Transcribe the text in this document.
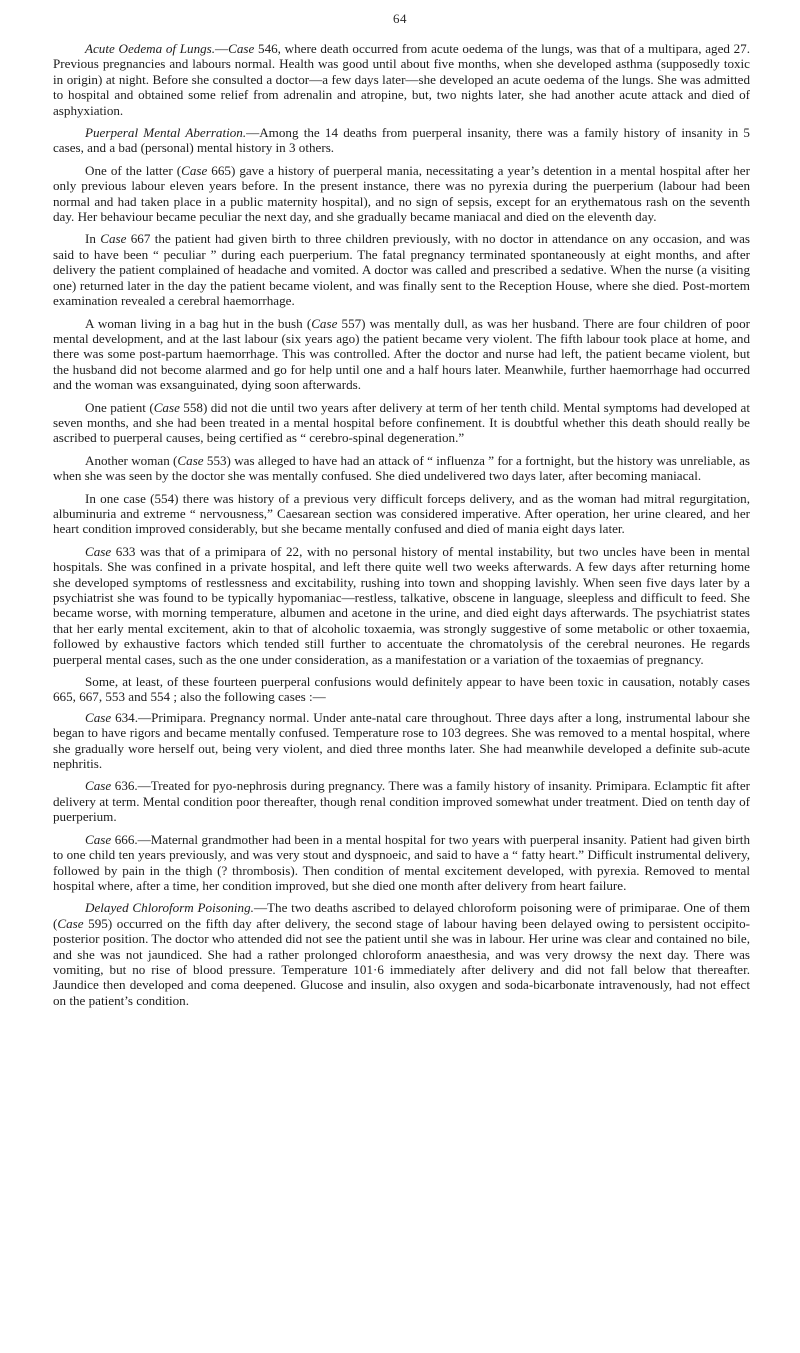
64

Acute Oedema of Lungs.—Case 546, where death occurred from acute oedema of the lungs, was that of a multipara, aged 27. Previous pregnancies and labours normal. Health was good until about five months, when she developed asthma (supposedly toxic in origin) at night. Before she consulted a doctor—a few days later—she developed an acute oedema of the lungs. She was admitted to hospital and obtained some relief from adrenalin and atropine, but, two nights later, she had another acute attack and died of asphyxiation.

Puerperal Mental Aberration.—Among the 14 deaths from puerperal insanity, there was a family history of insanity in 5 cases, and a bad (personal) mental history in 3 others.

One of the latter (Case 665) gave a history of puerperal mania, necessitating a year’s detention in a mental hospital after her only previous labour eleven years before. In the present instance, there was no pyrexia during the puerperium (labour had been normal and had taken place in a public maternity hospital), and no sign of sepsis, except for an erythematous rash on the seventh day. Her behaviour became peculiar the next day, and she gradually became maniacal and died on the eleventh day.

In Case 667 the patient had given birth to three children previously, with no doctor in attendance on any occasion, and was said to have been “ peculiar ” during each puerperium. The fatal pregnancy terminated spontaneously at eight months, and after delivery the patient complained of headache and vomited. A doctor was called and prescribed a sedative. When the nurse (a visiting one) returned later in the day the patient became violent, and was finally sent to the Reception House, where she died. Post-mortem examination revealed a cerebral haemorrhage.

A woman living in a bag hut in the bush (Case 557) was mentally dull, as was her husband. There are four children of poor mental development, and at the last labour (six years ago) the patient became very violent. The fifth labour took place at home, and there was some post-partum haemorrhage. This was controlled. After the doctor and nurse had left, the patient became violent, but the husband did not become alarmed and go for help until one and a half hours later. Meanwhile, further haemorrhage had occurred and the woman was exsanguinated, dying soon afterwards.

One patient (Case 558) did not die until two years after delivery at term of her tenth child. Mental symptoms had developed at seven months, and she had been treated in a mental hospital before confinement. It is doubtful whether this death should really be ascribed to puerperal causes, being certified as “ cerebro-spinal degeneration.”

Another woman (Case 553) was alleged to have had an attack of “ influenza ” for a fortnight, but the history was unreliable, as when she was seen by the doctor she was mentally confused. She died undelivered two days later, after becoming maniacal.

In one case (554) there was history of a previous very difficult forceps delivery, and as the woman had mitral regurgitation, albuminuria and extreme “ nervousness,” Caesarean section was considered imperative. After operation, her urine cleared, and her heart condition improved considerably, but she became mentally confused and died of mania eight days later.

Case 633 was that of a primipara of 22, with no personal history of mental instability, but two uncles have been in mental hospitals. She was confined in a private hospital, and left there quite well two weeks afterwards. A few days after returning home she developed symptoms of restlessness and excitability, rushing into town and shopping lavishly. When seen five days later by a psychiatrist she was found to be typically hypomaniac—restless, talkative, obscene in language, sleepless and difficult to feed. She became worse, with morning temperature, albumen and acetone in the urine, and died eight days afterwards. The psychiatrist states that her early mental excitement, akin to that of alcoholic toxaemia, was strongly suggestive of some metabolic or other toxaemia, followed by exhaustive factors which tended still further to accentuate the chromatolysis of the cerebral neurones. He regards puerperal mental cases, such as the one under consideration, as a manifestation or a variation of the toxaemias of pregnancy.

Some, at least, of these fourteen puerperal confusions would definitely appear to have been toxic in causation, notably cases 665, 667, 553 and 554 ; also the following cases :—

Case 634.—Primipara. Pregnancy normal. Under ante-natal care throughout. Three days after a long, instrumental labour she began to have rigors and became mentally confused. Temperature rose to 103 degrees. She was removed to a mental hospital, where she gradually wore herself out, being very violent, and died three months later. She had meanwhile developed a definite sub-acute nephritis.

Case 636.—Treated for pyo-nephrosis during pregnancy. There was a family history of insanity. Primipara. Eclamptic fit after delivery at term. Mental condition poor thereafter, though renal condition improved somewhat under treatment. Died on tenth day of puerperium.

Case 666.—Maternal grandmother had been in a mental hospital for two years with puerperal insanity. Patient had given birth to one child ten years previously, and was very stout and dyspnoeic, and said to have a “ fatty heart.” Difficult instrumental delivery, followed by pain in the thigh (? thrombosis). Then condition of mental excitement developed, with pyrexia. Removed to mental hospital where, after a time, her condition improved, but she died one month after delivery from heart failure.

Delayed Chloroform Poisoning.—The two deaths ascribed to delayed chloroform poisoning were of primiparae. One of them (Case 595) occurred on the fifth day after delivery, the second stage of labour having been delayed owing to persistent occipito-posterior position. The doctor who attended did not see the patient until she was in labour. Her urine was clear and contained no bile, and she was not jaundiced. She had a rather prolonged chloroform anaesthesia, and was very drowsy the next day. There was vomiting, but no rise of blood pressure. Temperature 101·6 immediately after delivery and did not fall below that thereafter. Jaundice then developed and coma deepened. Glucose and insulin, also oxygen and soda-bicarbonate intravenously, had not effect on the patient’s condition.
